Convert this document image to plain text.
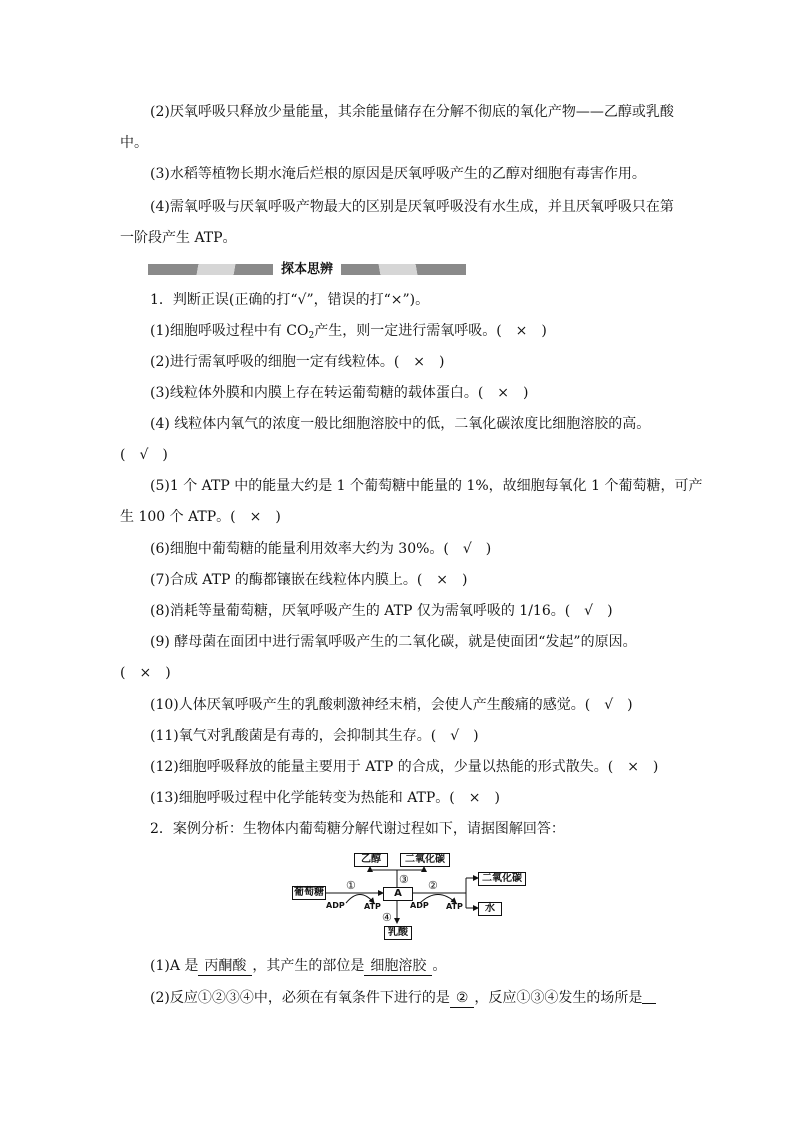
(2)厌氧呼吸只释放少量能量，其余能量储存在分解不彻底的氧化产物——乙醇或乳酸
中。
(3)水稻等植物长期水淹后烂根的原因是厌氧呼吸产生的乙醇对细胞有毒害作用。
(4)需氧呼吸与厌氧呼吸产物最大的区别是厌氧呼吸没有水生成，并且厌氧呼吸只在第
一阶段产生 ATP。
探本思辨
1．判断正误(正确的打“√”，错误的打“×”)。
(1)细胞呼吸过程中有 $CO_2$产生，则一定进行需氧呼吸。(　×　)
(2)进行需氧呼吸的细胞一定有线粒体。(　×　)
(3)线粒体外膜和内膜上存在转运葡萄糖的载体蛋白。(　×　)
(4) 线粒体内氧气的浓度一般比细胞溶胶中的低，二氧化碳浓度比细胞溶胶的高。
(　√　)
(5)1 个 ATP 中的能量大约是 1 个葡萄糖中能量的 1%，故细胞每氧化 1 个葡萄糖，可产
生 100 个 ATP。(　×　)
(6)细胞中葡萄糖的能量利用效率大约为 30%。(　√　)
(7)合成 ATP 的酶都镶嵌在线粒体内膜上。(　×　)
(8)消耗等量葡萄糖，厌氧呼吸产生的 ATP 仅为需氧呼吸的 1/16。(　√　)
(9) 酵母菌在面团中进行需氧呼吸产生的二氧化碳，就是使面团“发起”的原因。
(　×　)
(10)人体厌氧呼吸产生的乳酸刺激神经末梢，会使人产生酸痛的感觉。(　√　)
(11)氧气对乳酸菌是有毒的，会抑制其生存。(　√　)
(12)细胞呼吸释放的能量主要用于 ATP 的合成，少量以热能的形式散失。(　×　)
(13)细胞呼吸过程中化学能转变为热能和 ATP。(　×　)
2．案例分析：生物体内葡萄糖分解代谢过程如下，请据图解回答：
葡萄糖	A
乙醇	二氧化碳
二氧化碳
水
乳酸
ADP ATP	ADP ATP
①	②
③
④
(1)A 是 丙酮酸 ，其产生的部位是 细胞溶胶 。
(2)反应①②③④中，必须在有氧条件下进行的是 ② ，反应①③④发生的场所是
